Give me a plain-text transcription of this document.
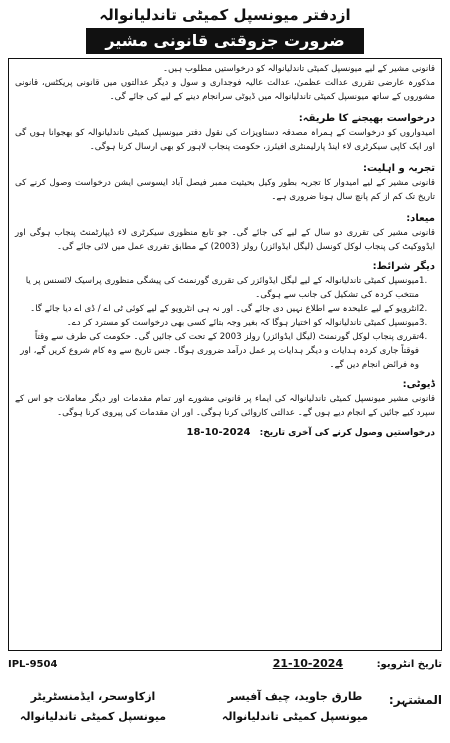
ازدفتر میونسپل کمیٹی تاندلیانوالہ
ضرورت جزوقتی قانونی مشیر

قانونی مشیر کے لیے میونسپل کمیٹی تاندلیانوالہ کو درخواستیں مطلوب ہیں۔

مذکورہ عارضی تقرری عدالت عظمیٰ، عدالت عالیہ فوجداری و سول و دیگر عدالتوں میں قانونی پریکٹس، قانونی مشوروں کے ساتھ میونسپل کمیٹی تاندلیانوالہ میں ڈیوٹی سرانجام دینے کے لیے کی جائے گی۔

درخواست بھیجنے کا طریقہ:

امیدواروں کو درخواست کے ہمراہ مصدقہ دستاویزات کی نقول دفتر میونسپل کمیٹی تاندلیانوالہ کو بھجوانا ہوں گی اور ایک کاپی سیکرٹری لاء اینڈ پارلیمنٹری افیئرز، حکومت پنجاب لاہور کو بھی ارسال کرنا ہوگی۔

تجربہ و اہلیت:

قانونی مشیر کے لیے امیدوار کا تجربہ بطور وکیل بحیثیت ممبر فیصل آباد ایسوسی ایشن درخواست وصول کرنے کی تاریخ تک کم از کم پانچ سال ہونا ضروری ہے۔

میعاد:

قانونی مشیر کی تقرری دو سال کے لیے کی جائے گی۔ جو تابع منظوری سیکرٹری لاء ڈیپارٹمنٹ پنجاب ہوگی اور ایڈووکیٹ کی پنجاب لوکل کونسل (لیگل ایڈوائزر) رولز (2003) کے مطابق تقرری عمل میں لائی جائے گی۔

دیگر شرائط:

1.
میونسپل کمیٹی تاندلیانوالہ کے لیے لیگل ایڈوائزر کی تقرری گورنمنٹ کی پیشگی منظوری پراسیک لائسنس پر یا منتخب کردہ کی تشکیل کی جانب سے ہوگی۔
2.
انٹرویو کے لیے علیحدہ سے اطلاع نہیں دی جائے گی۔ اور نہ ہی انٹرویو کے لیے کوئی ٹی اے / ڈی اے دیا جائے گا۔
3.
میونسپل کمیٹی تاندلیانوالہ کو اختیار ہوگا کہ بغیر وجہ بتائے کسی بھی درخواست کو مسترد کر دے۔
4.
تقرری پنجاب لوکل گورنمنٹ (لیگل ایڈوائزر) رولز 2003 کے تحت کی جائیں گی۔ حکومت کی طرف سے وقتاً فوقتاً جاری کردہ ہدایات و دیگر ہدایات پر عمل درآمد ضروری ہوگا۔ جس تاریخ سے وہ کام شروع کریں گے، اور وہ فرائض انجام دیں گے۔

ڈیوٹی:

قانونی مشیر میونسپل کمیٹی تاندلیانوالہ کی ایماء پر قانونی مشورے اور تمام مقدمات اور دیگر معاملات جو اس کے سپرد کیے جائیں کے انجام دیے ہوں گے۔ عدالتی کاروائی کرنا ہوگی۔ اور ان مقدمات کی پیروی کرنا ہوگی۔

درخواستیں وصول کرنے کی آخری تاریخ: 18-10-2024

تاریخ انٹرویو: 21-10-2024
IPL-9504
المشتہر:
طارق جاوید، چیف آفیسر
میونسپل کمیٹی تاندلیانوالہ
ازکاوسحر، ایڈمنسٹریٹر
میونسپل کمیٹی تاندلیانوالہ
